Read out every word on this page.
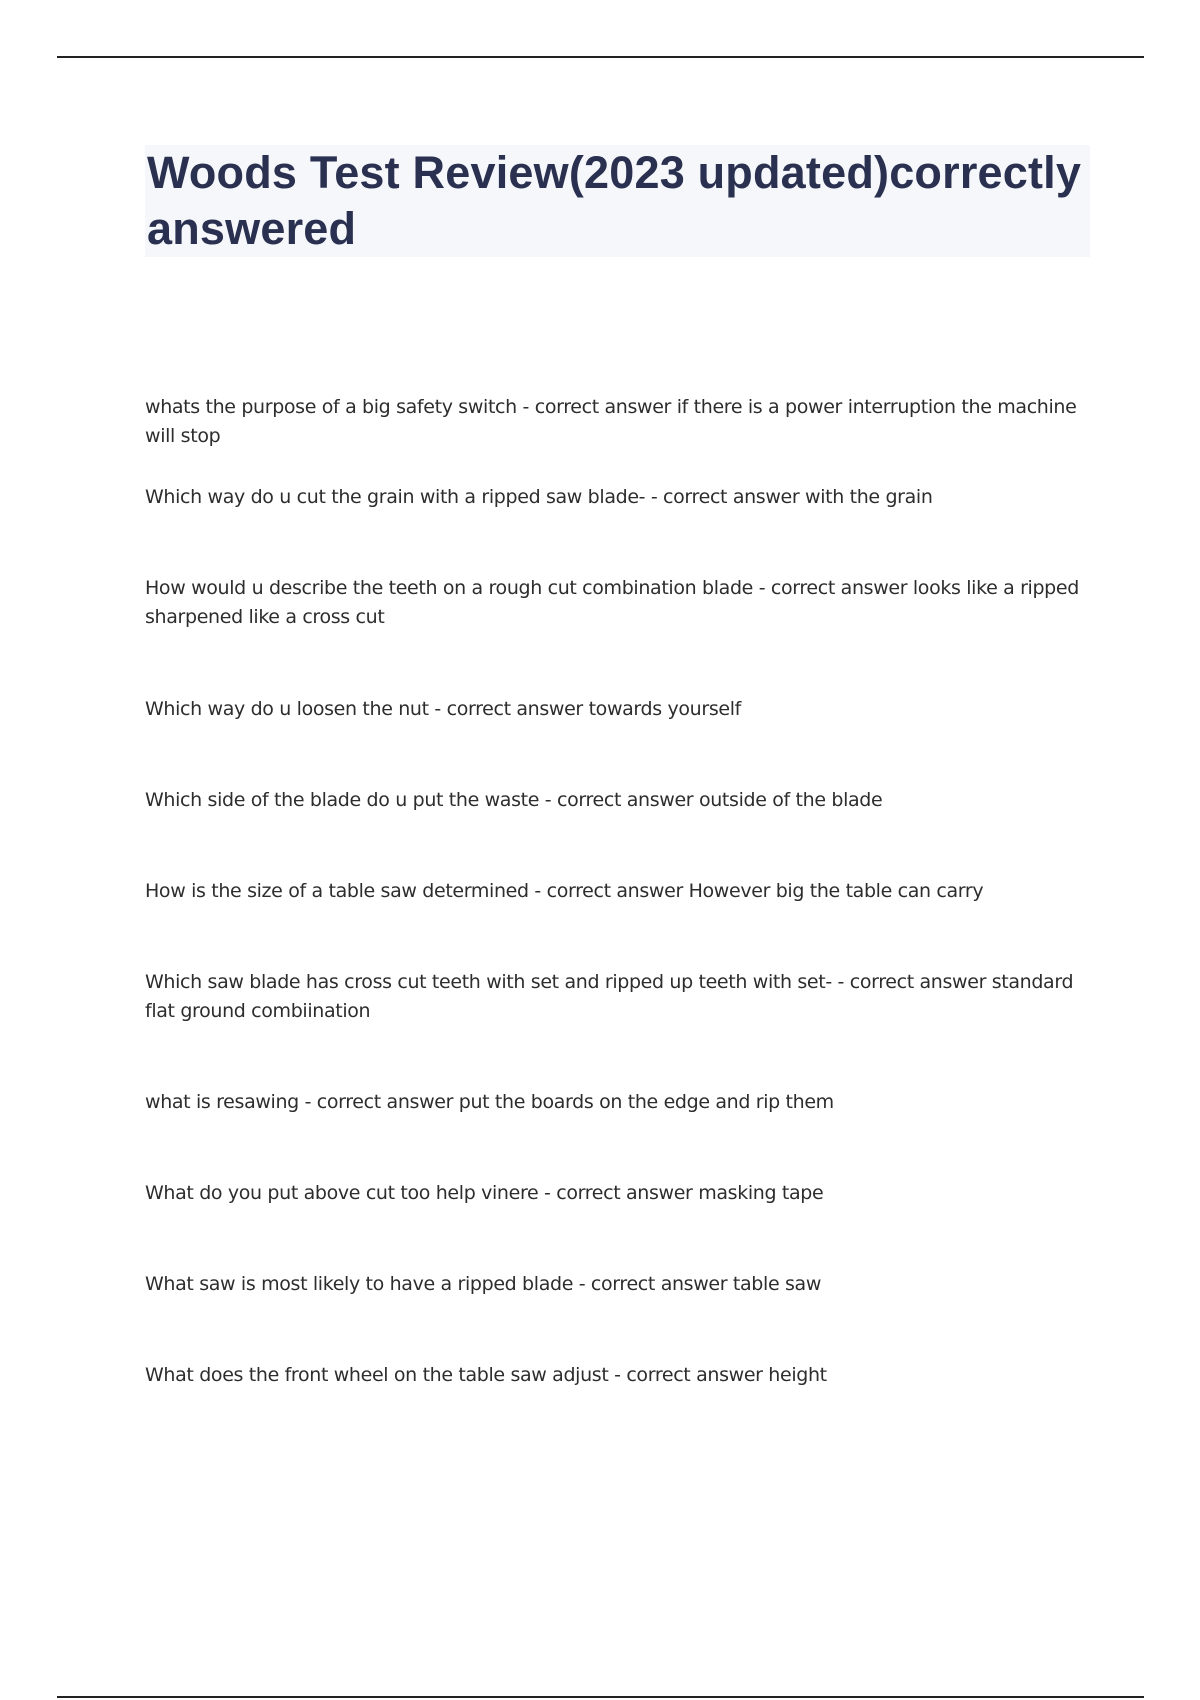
Woods Test Review(2023 updated)correctly answered
whats the purpose of a big safety switch - correct answer if there is a power interruption the machine will stop
Which way do u cut the grain with a ripped saw blade- - correct answer with the grain
How would u describe the teeth on a rough cut combination blade - correct answer looks like a ripped sharpened like a cross cut
Which way do u loosen the nut - correct answer towards yourself
Which side of the blade do u put the waste - correct answer outside of the blade
How is the size of a table saw determined - correct answer However big the table can carry
Which saw blade has cross cut teeth with set and ripped up teeth with set- - correct answer standard flat ground combiination
what is resawing - correct answer put the boards on the edge and rip them
What do you put above cut too help vinere - correct answer masking tape
What saw is most likely to have a ripped blade - correct answer table saw
What does the front wheel on the table saw adjust - correct answer height
